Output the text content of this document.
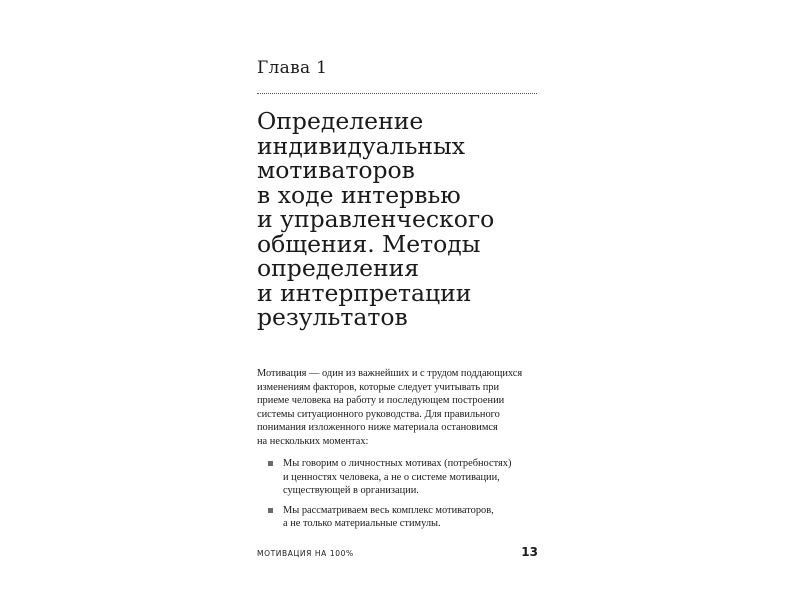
Глава 1
Определение
индивидуальных
мотиваторов
в ходе интервью
и управленческого
общения. Методы
определения
и интерпретации
результатов
Мотивация — один из важнейших и с трудом поддающихся
изменениям факторов, которые следует учитывать при
приеме человека на работу и последующем построении
системы ситуационного руководства. Для правильного
понимания изложенного ниже материала остановимся
на нескольких моментах:
Мы говорим о личностных мотивах (потребностях)
и ценностях человека, а не о системе мотивации,
существующей в организации.
Мы рассматриваем весь комплекс мотиваторов,
а не только материальные стимулы.
МОТИВАЦИЯ НА 100%	13
